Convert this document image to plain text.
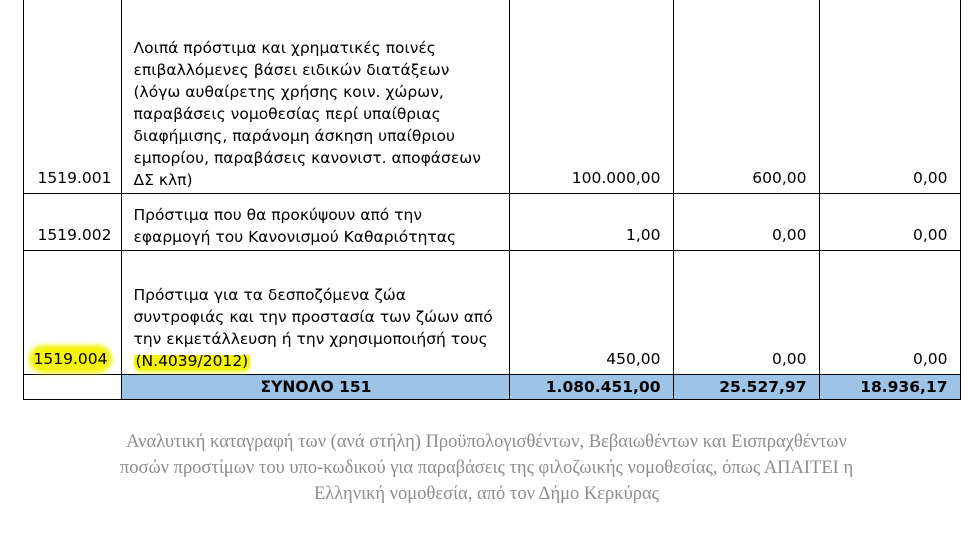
	1519.001	Λοιπά πρόστιμα και χρηματικές ποινές επιβαλλόμενες βάσει ειδικών διατάξεων (λόγω αυθαίρετης χρήσης κοιν. χώρων, παραβάσεις νομοθεσίας περί υπαίθριας διαφήμισης, παράνομη άσκηση υπαίθριου εμπορίου, παραβάσεις κανονιστ. αποφάσεων ΔΣ κλπ)	100.000,00	600,00	0,00	
	1519.002	Πρόστιμα που θα προκύψουν από την εφαρμογή του Κανονισμού Καθαριότητας	1,00	0,00	0,00	
	1519.004	Πρόστιμα για τα δεσποζόμενα ζώα συντροφιάς και την προστασία των ζώων από την εκμετάλλευση ή την χρησιμοποιήσή τους (Ν.4039/2012)	450,00	0,00	0,00	
		ΣΥΝΟΛΟ 151	1.080.451,00	25.527,97	18.936,17	

Αναλυτική καταγραφή των (ανά στήλη) Προϋπολογισθέντων, Βεβαιωθέντων και Εισπραχθέντων ποσών προστίμων του υπο-κωδικού για παραβάσεις της φιλοζωικής νομοθεσίας, όπως ΑΠΑΙΤΕΙ η Ελληνική νομοθεσία, από τον Δήμο Κερκύρας
